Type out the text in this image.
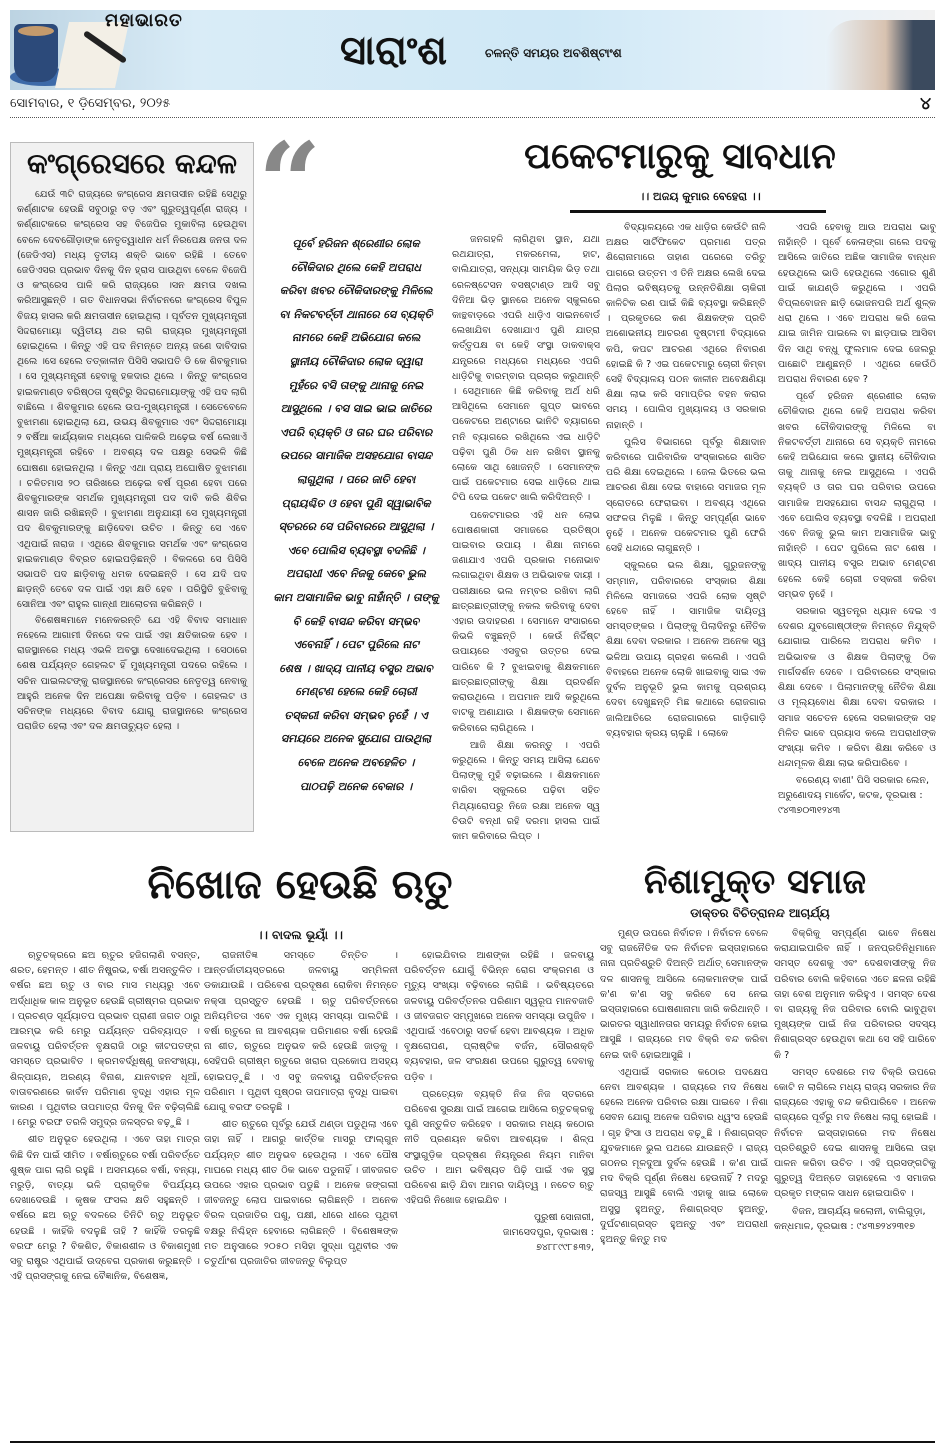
ମହାଭାରତ
ସାରାଂଶ	ଚଳନ୍ତି ସମୟର ଅବଶିଷ୍ଟାଂଶ
ସୋମବାର, ୧ ଡ଼ିସେମ୍ବର, ୨୦୨୫	୪
କଂଗ୍ରେସରେ କନ୍ଦଳ

ଯେଉଁ ୩ଟି ରାଜ୍ୟରେ କଂଗ୍ରେସ କ୍ଷମତାସୀନ ରହିଛି ସେଥିରୁ କର୍ଣ୍ଣାଟକ ହେଉଛି ସବୁଠାରୁ ବଡ଼ ଏବଂ ଗୁରୁତ୍ୱପୂର୍ଣ୍ଣ ରାଜ୍ୟ । କର୍ଣ୍ଣାଟକରେ କଂଗ୍ରେସ ସହ ବିଜେପିର ମୁକାବିଲା ହେଉଥିବା ବେଳେ ଦେବଗୌଡ଼ାଙ୍କ ନେତୃତ୍ୱାଧୀନ ଧର୍ମ ନିରପେକ୍ଷ ଜନତା ଦଳ (ଜେଡିଏସ) ମଧ୍ୟ ତୃତୀୟ ଶକ୍ତି ଭାବେ ରହିଛି । ତେବେ ଜେଡିଏସର ପ୍ରଭାବ ଦିନକୁ ଦିନ ହ୍ରାସ ପାଉଥିବା ବେଳେ ବିଜେପି ଓ କଂଗ୍ରେସ ପାଳି କରି ରାଜ୍ୟରେ ।ସନ କ୍ଷମତା ଦଖଲ କରିଆସୁଛନ୍ତି । ଗତ ବିଧାନସଭା ନିର୍ବାଚନରେ କଂଗ୍ରେସ ବିପୁଳ ବିଜୟ ହାସଲ କରି କ୍ଷମତାସୀନ ହୋଇଥିଲା । ପୂର୍ବତନ ମୁଖ୍ୟମନ୍ତ୍ରୀ ସିଦ୍ଦରାମୋୟା ଦ୍ୱିତୀୟ ଥର ଲାଗି ରାଜ୍ୟର ମୁଖ୍ୟମନ୍ତ୍ରୀ ହୋଇଥିଲେ । କିନ୍ତୁ ଏହି ପଦ ନିମନ୍ତେ ଅନ୍ୟ ଜଣେ ଦାବିଦାର ଥିଲେ ।ସେ ହେଲେ ତତ୍କାଳୀନ ପିସିସି ସଭାପତି ଡି କେ ଶିବକୁମାର । ସେ ମୁଖ୍ୟମନ୍ତ୍ରୀ ହେବାକୁ ହକଦାର ଥିଲେ । କିନ୍ତୁ କଂଗ୍ରେସ ହାଇକମାଣ୍ଡ ବରିଷ୍ଠତା ଦୃଷ୍ଟିରୁ ସିଦ୍ଦରାମୋୟାଙ୍କୁ ଏହି ପଦ ଲାଗି ବାଛିଲେ । ଶିବକୁମାର ହେଲେ ଉପ-ମୁଖ୍ୟମନ୍ତ୍ରୀ । ସେତେବେଳେ ବୁଝାମଣା ହୋଇଥିଲା ଯେ, ଉଭୟ ଶିବକୁମାର ଏବଂ ସିଦ୍ଦରାମୋୟା ୨ ବର୍ଷିଆ କାର୍ଯ୍ୟକାଳ ମଧ୍ୟରେ ପାଳିକରି ଅଢ଼େଇ ବର୍ଷ ଲେଖାଏଁ ମୁଖ୍ୟମନ୍ତ୍ରୀ ରହିବେ । ଅବଶ୍ୟ ଦଳ ପକ୍ଷରୁ ସେଭଳି କିଛି ଘୋଷଣା ହୋଇନଥିଲା । କିନ୍ତୁ ଏଥା ପ୍ରାୟ ଅଘୋଷିତ ବୁଝାମଣା । ଚଳିତମାସ ୨୦ ତାରିଖରେ ଅଢ଼େଇ ବର୍ଷ ପୂରଣ ହେବା ପରେ ଶିବକୁମାରଙ୍କ ସମର୍ଥକ ମୁଖ୍ୟମନ୍ତ୍ରୀ ପଦ ଦାବି କରି ଶିବିର ଶାସନ ଜାରି ରଖିଛନ୍ତି । ବୁଝାମଣା ଅନୁଯାୟୀ ସେ ମୁଖ୍ୟମନ୍ତ୍ରୀ ପଦ ଶିବକୁମାରଙ୍କୁ ଛାଡ଼ିଦେବା ଉଚିତ । କିନ୍ତୁ ସେ ଏବେ ଏଥିପାଇଁ ନାରାଜ । ଏଥିରେ ଶିବକୁମାର ସମର୍ଥକ ଏବଂ କଂଗ୍ରେସ ହାଇକମାଣ୍ଡ ବିବ୍ରତ ହୋଇପଡ଼ିଛନ୍ତି । ବିକଳରେ ସେ ପିସିସି ସଭାପତି ପଦ ଛାଡ଼ିବାକୁ ଧମକ ଦେଇଛନ୍ତି । ସେ ଯଦି ପଦ ଛାଡ଼ନ୍ତି ତେବେ ଦଳ ପାଇଁ ଏହା କ୍ଷତି ହେବ । ପରିସ୍ଥିତି ବୁଝିବାକୁ ସୋନିଆ ଏବଂ ରାହୁଲ ଗାନ୍ଧୀ ଆଲୋଚନା କରିଛନ୍ତି ।

ବିଶେଷଜ୍ଞମାନେ ମନେକରନ୍ତି ଯେ ଏହି ବିବାଦ ସମାଧାନ ନହେଲେ ଆଗାମୀ ଦିନରେ ଦଳ ପାଇଁ ଏହା କ୍ଷତିକାରକ ହେବ । ରାଜସ୍ଥାନରେ ମଧ୍ୟ ଏଭଳି ଅବସ୍ଥା ଦେଖାଦେଇଥିଲା । ସେଠାରେ ଶେଷ ପର୍ଯ୍ୟନ୍ତ ଗେହଲଟ ହିଁ ମୁଖ୍ୟମନ୍ତ୍ରୀ ପଦରେ ରହିଲେ । ସଚିନ ପାଇଲଟଙ୍କୁ ରାଜସ୍ଥାନରେ କଂଗ୍ରେସର ନେତୃତ୍ୱ ନେବାକୁ ଆହୁରି ଅନେକ ଦିନ ଅପେକ୍ଷା କରିବାକୁ ପଡ଼ିବ । ଗେହଲଟ ଓ ସଚିନଙ୍କ ମଧ୍ୟରେ ବିବାଦ ଯୋଗୁ ରାଜସ୍ଥାନରେ କଂଗ୍ରେସ ପରାଜିତ ହେଲା ଏବଂ ଦଳ କ୍ଷମତାଚ୍ୟୁତ ହେଲା ।

“

ପୂର୍ବେ ହରିଜନ ଶ୍ରେଣୀର ଲୋକ

ଚୌକିଦାର ଥିଲେ କେହି ଅପରାଧ

କରିବା ଖବର ଚୌକିଦାରଙ୍କୁ ମିଳିଲେ

ବା ନିକଟବର୍ତ୍ତୀ ଥାନାରେ ସେ ବ୍ୟକ୍ତି

ନାମରେ କେହି ଅଭିଯୋଗ କଲେ

ସ୍ଥାନୀୟ ଚୌକିଦାର ଲୋକ ଦ୍ୱାରା

ମୁହଁରେ ବସି ତାଙ୍କୁ ଥାନାକୁ ନେଇ

ଆସୁଥିଲେ । ବସ ସାଇ ଭାଇ ଜାତିରେ

ଏପରି ବ୍ୟକ୍ତି ଓ ତାର ଘର ପରିବାର

ଉପରେ ସାମାଜିକ ଅସହଯୋଗ ବାସନ୍ଦ

ଲାଗୁଥିଲା । ପରେ ଜାତି ହେବା

ପ୍ରାୟଶ୍ଚିତ ଓ ହେବା ପୁଣି ସ୍ୱାଭାବିକ

ସ୍ତରରେ ସେ ପରିବାରରେ ଆସୁଥିଲା ।

ଏବେ ପୋଲିସ ବ୍ୟବସ୍ଥା ବଦଳିଛି ।

ଅପରାଧୀ ଏବେ ନିଜକୁ କେବେ ଭୁଲ

କାମ ଅସାମାଜିକ ଭାବୁ ନାହାଁନ୍ତି । ତାଙ୍କୁ

ବି କେହି ବାସନ୍ଦ କରିବା ସମ୍ଭବ

ଏବେନାହିଁ । ପେଟ ପୁରିଲେ ନାଟ

ଶେଷ । ଖାଦ୍ୟ ପାନୀୟ ବସ୍ତ୍ର ଅଭାବ

ମେଣ୍ଟଣ ହେଲେ କେହି ଚୋରୀ

ତସ୍କରୀ କରିବା ସମ୍ଭବ ନୁହେଁ । ଏ

ସମୟରେ ଅନେକ ସୁଯୋଗ ପାଉଥିଲା

ବେଳେ ଅନେକ ଅବହେଳିତ ।

ପାଠପଢ଼ି ଅନେକ ବେକାର ।

ପକେଟମାରୁକୁ ସାବଧାନ
।। ଅଜୟ କୁମାର ବେହେରା ।।

ଜନଗହଳି ଲାଗିଥିବା ସ୍ଥାନ, ଯଥା ରଥଯାତ୍ରା, ମକରମେଳା, ହାଟ, ବାଲିଯାତ୍ରା, ସନ୍ଧ୍ୟା ସାମୟିକ ଭିଡ଼ ତଥା ରେଳଷ୍ଟେସନ ବସଷ୍ଟାଣ୍ଡ ଆଦି ସବୁ ଦିନିଆ ଭିଡ଼ ସ୍ଥାନରେ ଅନେକ ସ୍କୁଲରେ କାନ୍ଥବାଡ଼ରେ ଏପରି ଧାଡ଼ିଏ ସାଇନବୋର୍ଡ ଲେଖାଯିବା ଦେଖାଯାଏ ପୁଣି ଯାତ୍ରା କର୍ତ୍ତୃପକ୍ଷ ବା କେହି ସଂସ୍ଥା ଡାକବାକ୍ସ ଯନ୍ତ୍ରରେ ମଧ୍ୟରେ ମଧ୍ୟରେ ଏପରି ଧାଡ଼ିଟିକୁ ବାରମ୍ବାର ପ୍ରଚାର କରୁଥାନ୍ତି । ସେଥିମାନେ କିଛି କରିବାକୁ ଅର୍ଥ ଧରି ଆସିଥିଲେ ସେମାନେ ଗୁପ୍ତ ଭାବରେ ପକେଟରେ ଅଣ୍ଟାରେ ଭାନିଟି ବ୍ୟାଗରେ ମନି ବ୍ୟାଗରେ ରଖିଥିଲେ ଏଇ ଧାଡ଼ିଟି ପଢ଼ିବା ପୁଣି ଠିକ ଧନ ରଖିବା ସ୍ଥାନକୁ ଲୋକେ ସାଥି ଖୋଜନ୍ତି । ସେମାନଙ୍କ ପାଇଁ ପକେଟମାର ସେଇ ଧାଡ଼ିରେ ଥାଇ ଟିପି ଦେଇ ପକେଟ ଖାଲି କରିଦିଅନ୍ତି ।

ପକେଟମାରର ଏହି ଧନ ଲୋଭ ପୋଷଣକାରୀ ସମାଜରେ ପ୍ରତିଷ୍ଠା ପାଇବାର ଉପାୟ । ଶିକ୍ଷା ନାମରେ ଜଣାଯାଏ ଏପରି ପ୍ରକାର ମନୋଭାବ ଲଗାଇଥିବା ଶିକ୍ଷକ ଓ ଅଭିଭାବକ ଦାୟୀ । ପରୀକ୍ଷାରେ ଭଲ ନମ୍ବର ରଖିବା ଲାଗି ଛାତ୍ରଛାତ୍ରୀଙ୍କୁ ନକଲ କରିବାକୁ ଦେବା ଏହାର ଉଦାହରଣ । ସେମାନେ ସଂସାରରେ କିଭଳି ବଞ୍ଚୁଛନ୍ତି । କେଉଁ ନିର୍ଦ୍ଦିଷ୍ଟ ଉପାୟରେ ଏସବୁର ଉତ୍ତର ଦେଇ ପାରିବେ କି ? ବୁଝାଇବାକୁ ଶିକ୍ଷକମାନେ ଛାତ୍ରଛାତ୍ରୀଙ୍କୁ ଶିକ୍ଷା ପ୍ରଦର୍ଶନ କରାଉଥିଲେ । ଅପମାନ ଆଦି କରୁଥିଲେ ବାଟକୁ ଅଣାଯାଉ । ଶିକ୍ଷକଙ୍କ ସେମାନେ କରିବାରେ ଲାଗିଥିଲେ ।

ଆଜି ଶିକ୍ଷା କରନ୍ତୁ । ଏପରି କରୁଥିଲେ । କିନ୍ତୁ ସମୟ ଆସିଲା ଯେବେ ପିଲାଙ୍କୁ ମୁହଁ ବଢ଼ାଇଲେ । ଶିକ୍ଷକମାନେ ବାରିବା ସ୍କୁଲରେ ପଢ଼ିବା ସହିତ ମିଥ୍ୟାରୋପରୁ ନିଜେ ରକ୍ଷା ଅନେକ ସ୍ୱ ଚିଉଟି ବନ୍ଧୀ ରହି ଦରମା ହାସଲ ପାଇଁ କାମ କରିବାରେ ଲିପ୍ତ ।

ବିଦ୍ୟାଳୟରେ ଏକ ଧାଡ଼ିର କେଉଁଟି ନାଳି ଅକ୍ଷର ସାର୍ଟିଫିକେଟ ପ୍ରମାଣ ପତ୍ର ଶିରୋନାମାରେ ତାହାଣ ପରେରେ ତରିତୁ ପାଗରେ ଉତ୍ତମ ଏ ତିନି ଅକ୍ଷର ଲେଖି ଦେଇ ପିଲାର ଭବିଷ୍ୟତକୁ ଉନ୍ନତିଶିକ୍ଷା ଚାକିରୀ କାଳିଟିକ ରଣ ପାଇଁ କିଛି ବ୍ୟବସ୍ଥା କରିଛନ୍ତି । ପ୍ରକୃତରେ କଣ ଶିକ୍ଷକଙ୍କ ପ୍ରତି ଅଶୋଭନୀୟ ଆଚରଣ ଦୃଷ୍ଟାମୀ ବିଦ୍ୟାରେ କପି, କପଟ ଆଚରଣ ଏଥିରେ ନିବାରଣ ହୋଇଛି କି ? ଏଇ ପକେଟମାରୁ ଚୋରୀ କିମ୍ବା ସେହି ବିଦ୍ୟାଳୟ ପଠନ କାଳୀନ ଅବେକ୍ଷଣିୟା ଶିକ୍ଷା ଲାଭ କରି ସମାପ୍ତିର ବହନ କରାର ସମୟ । ପୋଲିସ ମୁଖ୍ୟାଳୟ ଓ ସରକାର ନାହାନ୍ତି ।

ପୁଲିସ ବିଭାଗରେ ପୂର୍ବରୁ ଶିକ୍ଷାଦାନ କରିବାରେ ପାରିବାରିକ ସଂସ୍କାରରେ ଶାସିତ ପରି ଶିକ୍ଷା ଦେଇଥିଲେ । ଜେଲ ଭିତରେ ଭଲ ଆଚରଣ ଶିକ୍ଷା ଦେଇ ବାହାରେ ସମାଜର ମୂଳ ସ୍ରୋତରେ ଫେରାଇବା । ଅବଶ୍ୟ ଏଥିରେ ସଫଳତା ମିଳୁଛି । କିନ୍ତୁ ସମ୍ପୂର୍ଣ୍ଣ ଭାବେ ନୁହେଁ । ଅନେକ ପକେଟମାର ପୁଣି ଫେରି ସେହି ଧନ୍ଦାରେ ଲାଗୁଛନ୍ତି ।

ସ୍କୁଲରେ ଭଲ ଶିକ୍ଷା, ଗୁରୁଜନଙ୍କୁ ସମ୍ମାନ, ପରିବାରରେ ସଂସ୍କାର ଶିକ୍ଷା ମିଳିଲେ ସମାଜରେ ଏପରି ଲୋକ ସୃଷ୍ଟି ହେବେ ନାହିଁ । ସାମାଜିକ ଦାୟିତ୍ୱ ସମସ୍ତଙ୍କର । ପିଲାଙ୍କୁ ପିଲାଦିନରୁ ନୈତିକ ଶିକ୍ଷା ଦେବା ଦରକାର । ଅନେକ ଅନେକ ସ୍ୱ ଭଳିଆ ଉପାୟ ଗ୍ରହଣ କଲେଣି । ଏପରି ବିବାହରେ ଅନେକ ଲୋକି ଖାଇବାକୁ ସାଇ ଏକ ଦୁର୍ବଳ ଅନୁଭୂତି ଭୁଲ କାମକୁ ପ୍ରଶ୍ରୟ ଦେବା ଦେଖୁଛନ୍ତି ମିଛ କଥାରେ ରୋଜଗାର ଜାଲିଆତିରେ ରୋଜଗାରରେ ଗାଡ଼ିଗାଡ଼ି ବ୍ୟବହାର କ୍ରୟ ଚାଲୁଛି । ଲୋକେ

ଏପରି ହେବାକୁ ଆଉ ଅପରାଧ ଭାବୁ ନାହାଁନ୍ତି । ପୂର୍ବେ କେଳାଙ୍ଗା ଗଲେ ପଦକୁ ଆସିଲେ ଜାତିରେ ଅଛିକ ସାମାଜିକ ବାନ୍ଧନ ହେଉଥିଲେ ଭାଡି ହେଉଥିଲେ ଏଗୋର ଶୁଣି ପାଇଁ କାଯଣ୍ଡି କରୁଥିଲେ । ଏପରି ବିପ୍ଲବୋଜନ ଛାଡ଼ି ଭୋଜନପରି ଅର୍ଥ ଶୁଳ୍କ ଧରା ଥିଲେ । ଏବେ ଅପରାଧ କରି ଜେଲ ଯାଇ ଜାମିନ ପାଇଲେ ବା ଛାଡ଼ପାଇ ଆସିବା ଦିନ ସାଥି ବନ୍ଧୁ ଫୁଲମାଳ ଦେଇ ଜେଲରୁ ପାଛୋଟି ଆଣୁଛନ୍ତି । ଏଥିରେ କେଉଁଠି ଅପରାଧ ନିବାରଣ ହେବ ?

ପୂର୍ବେ ହରିଜନ ଶ୍ରେଣୀର ଲୋକ ଚୌକିଦାର ଥିଲେ କେହି ଅପରାଧ କରିବା ଖବର ଚୌକିଦାରଙ୍କୁ ମିଳିଲେ ବା ନିକଟବର୍ତ୍ତୀ ଥାନାରେ ସେ ବ୍ୟକ୍ତି ନାମରେ କେହି ଅଭିଯୋଗ କଲେ ସ୍ଥାନୀୟ ଚୌକିଦାର ତାକୁ ଥାନାକୁ ନେଇ ଆସୁଥିଲେ । ଏପରି ବ୍ୟକ୍ତି ଓ ତାର ଘର ପରିବାର ଉପରେ ସାମାଜିକ ଅସହଯୋଗ ବାସନ୍ଦ ଲାଗୁଥିଲା । ଏବେ ପୋଲିସ ବ୍ୟବସ୍ଥା ବଦଳିଛି । ଅପରାଧୀ ଏବେ ନିଜକୁ ଭୁଲ କାମ ଅସାମାଜିକ ଭାବୁ ନାହାଁନ୍ତି । ପେଟ ପୁରିଲେ ନାଟ ଶେଷ । ଖାଦ୍ୟ ପାନୀୟ ବସ୍ତ୍ର ଅଭାବ ମେଣ୍ଟଣ ହେଲେ କେହି ଚୋରୀ ତସ୍କରୀ କରିବା ସମ୍ଭବ ନୁହେଁ ।

ସରକାର ସ୍ୱତନ୍ତ୍ର ଧ୍ୟାନ ଦେଇ ଏ ଦେଶର ଯୁବଗୋଷ୍ଠୀଙ୍କ ନିମନ୍ତେ ନିଯୁକ୍ତି ଯୋଗାଇ ପାରିଲେ ଅପରାଧ କମିବ । ଅଭିଭାବକ ଓ ଶିକ୍ଷକ ପିଲାଙ୍କୁ ଠିକ ମାର୍ଗଦର୍ଶନ ଦେବେ । ପରିବାରରେ ସଂସ୍କାର ଶିକ୍ଷା ଦେବେ । ପିଲାମାନଙ୍କୁ ନୈତିକ ଶିକ୍ଷା ଓ ମୂଲ୍ୟବୋଧ ଶିକ୍ଷା ଦେବା ଦରକାର । ସମାଜ ସଚେତନ ହେଲେ ସରକାରଙ୍କ ସହ ମିଳିତ ଭାବେ ପ୍ରୟାସ କଲେ ଅପରାଧୀଙ୍କ ସଂଖ୍ୟା କମିବ । କରିବା ଶିକ୍ଷା କରିବେ ଓ ଧନ୍ଦାମୂଳକ ଶିକ୍ଷା ଲାଭ କରିପାରିବେ ।

ବରେଣ୍ୟ ବାଣୀ' ପିସି ସରକାର ଲେନ, ଅରୁଣୋଦୟ ମାର୍କେଟ, କଟକ, ଦୂରଭାଷ : ୯୪୩୭୦୩୧୨୪୩

ନିଖୋଜ ହେଉଛି ଋତୁ
।। ବାଦଲ ଭୂୟାଁ ।।

ଋତୁଚକ୍ରରେ ଛଅ ଋତୁର ହଜିଗଲାଣି ବସନ୍ତ, ଶରତ, ହେମନ୍ତ । ଶୀତ ନିଷ୍ପ୍ରଭ, ବର୍ଷା ଅସନ୍ତୁଳିତ । ବର୍ଷର ଛଅ ଋତୁ ଓ ବାର ମାସ ମଧ୍ୟରୁ ଏବେ ଅର୍ଦ୍ଧାଧିକ କାଳ ଅନୁଭୂତ ହେଉଛି ଗ୍ରୀଷ୍ମର ପ୍ରଭାବ । ପ୍ରଚଣ୍ଡ ସୂର୍ଯ୍ୟାତପ ପ୍ରଭାବ ପ୍ରାଣୀ ଜଗତ ଠାରୁ ଆରମ୍ଭ କରି ମେରୁ ପର୍ଯ୍ୟନ୍ତ ପରିବ୍ୟାପ୍ତ । ଜଳବାୟୁ ପରିବର୍ତ୍ତନ ବୃକ୍ଷରାଜି ଠାରୁ କୀଟପତଙ୍ଗ ସମସ୍ତେ ପ୍ରଭାବିତ । କ୍ରମବର୍ଦ୍ଧିଷ୍ଣୁ ଜନସଂଖ୍ୟା, ଶିଳ୍ପାୟନ, ଅରଣ୍ୟ ବିନାଶ, ଯାନବାହନ ଧୂଆଁ, ବାତାବରଣରେ କାର୍ବନ ପରିମାଣ ବୃଦ୍ଧି ଏହାର ମୂଳ କାରଣ । ପୃଥିବୀର ତାପମାତ୍ରା ଦିନକୁ ଦିନ ବଢ଼ିଚାଲିଛି । ମେରୁ ବରଫ ତରଳି ସମୁଦ୍ର ଜଳସ୍ତର ବଢ଼ୁଛି ।

ଶୀତ ଅନୁଭୂତ ହେଉଥିଲା । ଏବେ ତାହା ମାତ୍ର କିଛି ଦିନ ପାଇଁ ସୀମିତ । ବର୍ଷାଋତୁରେ ବର୍ଷା ପରିବର୍ତ୍ତେ ଶୁଷ୍କ ପାଗ ଲାଗି ରହୁଛି । ଅସମୟରେ ବର୍ଷା, ବନ୍ୟା, ମରୁଡ଼ି, ବାତ୍ୟା ଭଳି ପ୍ରାକୃତିକ ବିପର୍ଯ୍ୟୟ ଦେଖାଦେଉଛି । କୃଷକ ଫସଲ କ୍ଷତି ସହୁଛନ୍ତି । ବର୍ଷରେ ଛଅ ଋତୁ ବଦଳରେ ତିନିଟି ଋତୁ ଅନୁଭୂତ ହେଉଛି । କାହିଁକି ବଦଳୁଛି ତାହି ? କାହିଁକି ତରଳୁଛି ବରଫ ମେରୁ ? ବିକଶିତ, ବିକାଶଶୀଳ ଓ ବିକାଶମୁଖୀ ସବୁ ରାଷ୍ଟ୍ର ଏଥିପାଇଁ ଉଦ୍‌ବେଗ ପ୍ରକାଶ କରୁଛନ୍ତି । ଏହି ପ୍ରସଙ୍ଗକୁ ନେଇ ବୈଜ୍ଞାନିକ, ବିଶେଷଜ୍ଞ,

ରାଜନୀତିଜ୍ଞ ସମସ୍ତେ ଚିନ୍ତିତ । ଆନ୍ତର୍ଜାତୀୟସ୍ତରରେ ଜଳବାୟୁ ସମ୍ମିଳନୀ ଡକାଯାଉଛି । ପରିବେଶ ପ୍ରଦୂଷଣ ରୋକିବା ନିମନ୍ତେ ନକ୍ସା ପ୍ରସ୍ତୁତ ହେଉଛି । ଋତୁ ପରିବର୍ତ୍ତନରେ ଅନିୟମିତତା ଏବେ ଏକ ମୁଖ୍ୟ ସମସ୍ୟା ପାଲଟିଛି । ବର୍ଷା ଋତୁରେ ନା ଆବଶ୍ୟକ ପରିମାଣର ବର୍ଷା ହେଉଛି ନା ଶୀତ, ଋତୁରେ ଅନୁଭବ କରି ହେଉଛି ଜାଡ଼କୁ । ସେହିପରି ଗ୍ରୀଷ୍ମ ଋତୁରେ ଖରାର ପ୍ରକୋପ ଅସହ୍ୟ ହୋଇପଡ଼ୁଛି । ଏ ସବୁ ଜଳବାୟୁ ପରିବର୍ତ୍ତନର ପରିଣାମ । ପୃଥିବୀ ପୃଷ୍ଠର ତାପମାତ୍ରା ବୃଦ୍ଧି ପାଇବା ଯୋଗୁ ବରଫ ତରଳୁଛି ।

ଶୀତ ଋତୁରେ ପୂର୍ବରୁ ଯେଉଁ ଥଣ୍ଡା ପଡୁଥିଲା ଏବେ ତାହା ନାହିଁ । ଆଗରୁ କାର୍ତ୍ତିକ ମାସରୁ ଫାଲ୍‌ଗୁନ ପର୍ଯ୍ୟନ୍ତ ଶୀତ ଅନୁଭବ ହେଉଥିଲା । ଏବେ ପୌଷ ମାଘରେ ମଧ୍ୟ ଶୀତ ଠିକ ଭାବେ ପଡୁନାହିଁ । ଜୀବଜଗତ ଉପରେ ଏହାର ପ୍ରଭାବ ପଡୁଛି । ଅନେକ ଜଙ୍ଗଲୀ ଜୀବଜନ୍ତୁ ଲୋପ ପାଇବାରେ ଲାଗିଛନ୍ତି । ଅନେକ ବିରଳ ପ୍ରଜାତିର ପଶୁ, ପକ୍ଷୀ, ଧୀରେ ଧୀରେ ପୃଥିବୀ ବକ୍ଷରୁ ନିଶ୍ଚିହ୍ନ ହେବାରେ ଲାଗିଛନ୍ତି । ବିଶେଷଜ୍ଞଙ୍କ ମତ ଅନୁସାରେ ୨୦୫୦ ମସିହା ସୁଦ୍ଧା ପୃଥିବୀର ଏକ ଚତୁର୍ଥାଂଶ ପ୍ରଜାତିର ଜୀବଜନ୍ତୁ ବିଲୁପ୍ତ

ହୋଇଯିବାର ଆଶଙ୍କା ରହିଛି । ଜଳବାୟୁ ପରିବର୍ତ୍ତନ ଯୋଗୁଁ ବିଭିନ୍ନ ରୋଗ ସଂକ୍ରମଣ ଓ ମୃତ୍ୟୁ ସଂଖ୍ୟା ବଢ଼ିବାରେ ଲାଗିଛି । ଭବିଷ୍ୟତରେ ଜଳବାୟୁ ପରିବର୍ତ୍ତନର ପରିଣାମ ସ୍ୱରୂପ ମାନବଜାତି ଓ ଜୀବଜଗତ ସମ୍ମୁଖରେ ଅନେକ ସମସ୍ୟା ଉପୁଜିବ । ଏଥିପାଇଁ ଏବେଠାରୁ ସତର୍କ ହେବା ଆବଶ୍ୟକ । ଅଧିକ ବୃକ୍ଷରୋପଣ, ପ୍ଲାଷ୍ଟିକ ବର୍ଜନ, ସୌରଶକ୍ତି ବ୍ୟବହାର, ଜଳ ସଂରକ୍ଷଣ ଉପରେ ଗୁରୁତ୍ୱ ଦେବାକୁ ପଡ଼ିବ ।

ପ୍ରତ୍ୟେକ ବ୍ୟକ୍ତି ନିଜ ନିଜ ସ୍ତରରେ ପରିବେଶ ସୁରକ୍ଷା ପାଇଁ ଆଗେଇ ଆସିଲେ ଋତୁଚକ୍ରକୁ ପୁଣି ସନ୍ତୁଳିତ କରିହେବ । ସରକାର ମଧ୍ୟ କଠୋର ନୀତି ପ୍ରଣୟନ କରିବା ଆବଶ୍ୟକ । ଶିଳ୍ପ ସଂସ୍ଥାଗୁଡ଼ିକ ପ୍ରଦୂଷଣ ନିୟନ୍ତ୍ରଣ ନିୟମ ମାନିବା ଉଚିତ । ଆମ ଭବିଷ୍ୟତ ପିଢ଼ି ପାଇଁ ଏକ ସୁସ୍ଥ ପରିବେଶ ଛାଡ଼ି ଯିବା ଆମର ଦାୟିତ୍ୱ । ନଚେତ ଋତୁ ଏହିପରି ନିଖୋଜ ହୋଇଯିବ ।

ପୁରୁଷୀ ସୋନାରୀ,

ଜାମସେଦପୁର, ଦୂରଭାଷ :

୭୪୮୮୯୯୮୫୩୨,

ନିଶାମୁକ୍ତ ସମାଜ
ଡାକ୍ତର ବିଚିତ୍ରାନନ୍ଦ ଆଚାର୍ଯ୍ୟ

ମୁଣ୍ଡ ଉପରେ ନିର୍ବାଚନ । ନିର୍ବାଚନ ବେଳେ ସବୁ ରାଜନୈତିକ ଦଳ ନିର୍ବାଚନ ଇସ୍ତାହାରରେ ନାନା ପ୍ରତିଶ୍ରୁତି ଦିଅନ୍ତି ଅର୍ଥାତ୍ ସେମାନଙ୍କ ଦଳ ଶାସନକୁ ଆସିଲେ ଲୋକମାନଙ୍କ ପାଇଁ କ'ଣ କ'ଣ ସବୁ କରିବେ ସେ ନେଇ ଇସ୍ତାହାରରେ ଘୋଷଣାନାମା ଜାରି କରିଥାନ୍ତି । ଭାରତର ସ୍ୱାଧୀନତାର ସମୟରୁ ନିର୍ବାଚନ ହୋଇ ଆସୁଛି । ରାଜ୍ୟରେ ମଦ ବିକ୍ରି ବନ୍ଦ କରିବା ନେଇ ଦାବି ହୋଇଆସୁଛି ।

ଏଥିପାଇଁ ସରକାର କଠୋର ପଦକ୍ଷେପ ନେବା ଆବଶ୍ୟକ । ରାଜ୍ୟରେ ମଦ ନିଷେଧ ହେଲେ ଅନେକ ପରିବାର ରକ୍ଷା ପାଇବେ । ନିଶା ସେବନ ଯୋଗୁ ଅନେକ ପରିବାର ଧ୍ୱଂସ ହେଉଛି । ଗୃହ ହିଂସା ଓ ଅପରାଧ ବଢ଼ୁଛି । ନିଶାଗ୍ରସ୍ତ ଯୁବକମାନେ ଭୁଲ ପଥରେ ଯାଉଛନ୍ତି । ରାଜ୍ୟ ଗଠନର ମୂଳଦୁଆ ଦୁର୍ବଳ ହେଉଛି । କ'ଣ ପାଇଁ ମଦ ବିକ୍ରି ପୂର୍ଣ୍ଣ ନିଷେଧ ହେଉନାହିଁ ? ମଦରୁ ରାଜସ୍ୱ ଆସୁଛି ବୋଲି ଏହାକୁ ଖାଇ ଲୋକେ ଅସୁସ୍ଥ ହୁଅନ୍ତୁ, ନିଶାଗ୍ରସ୍ତ ହୁଅନ୍ତୁ, ଦୁର୍ଘଟଣାଗ୍ରସ୍ତ ହୁଅନ୍ତୁ ଏବଂ ଅପରାଧୀ ହୁଅନ୍ତୁ କିନ୍ତୁ ମଦ

ବିକ୍ରିକୁ ସମ୍ପୂର୍ଣ୍ଣ ଭାବେ ନିଷେଧ କରାଯାଇପାରିବ ନାହିଁ । ଜନପ୍ରତିନିଧିମାନେ ସମସ୍ତ ଦେଶକୁ ଏବଂ ଦେଶବାସୀଙ୍କୁ ନିଜ ପରିବାର ବୋଲି କହିବାରେ ଏତେ ଛଳନା ରହିଛି ତାହା ବେଶ ଅନୁମାନ କରିହୁଏ । ସମସ୍ତ ଦେଶ ବା ରାଜ୍ୟକୁ ନିଜ ପରିବାର ବୋଲି ଭାବୁଥିବା ମୁଖ୍ୟଙ୍କ ପାଇଁ ନିଜ ପରିବାରର ସଦସ୍ୟ ନିଶାଗ୍ରସ୍ତ ହେଉଥିବା କଥା ସେ ସହି ପାରିବେ କି ?

ସମସ୍ତ ଦେଶରେ ମଦ ବିକ୍ରି ଉପରେ କୋଟି ନ ଲାଗିଲେ ମଧ୍ୟ ରାଜ୍ୟ ସରକାର ନିଜ ରାଜ୍ୟରେ ଏହାକୁ ବନ୍ଦ କରିପାରିବେ । ଅନେକ ରାଜ୍ୟରେ ପୂର୍ବରୁ ମଦ ନିଷେଧ ଲାଗୁ ହୋଇଛି । ନିର୍ବାଚନ ଇସ୍ତାହାରରେ ମଦ ନିଷେଧ ପ୍ରତିଶ୍ରୁତି ଦେଇ ଶାସନକୁ ଆସିଲେ ତାହା ପାଳନ କରିବା ଉଚିତ । ଏହି ପ୍ରସଙ୍ଗଟିକୁ ଗୁରୁତ୍ୱ ଦିଅନ୍ତେ ତାହାହେଲେ ଏ ସମାଜର ପ୍ରକୃତ ମଙ୍ଗଳ ସାଧନ ହୋଇପାରିବ ।

ବିଜନ, ଆଚାର୍ଯ୍ୟ କଲୋନୀ, ବାଲିଗୁଡ଼ା, କନ୍ଧମାଳ, ଦୂରଭାଷ : ୯୪୩୭୨୪୨୩୧୭
